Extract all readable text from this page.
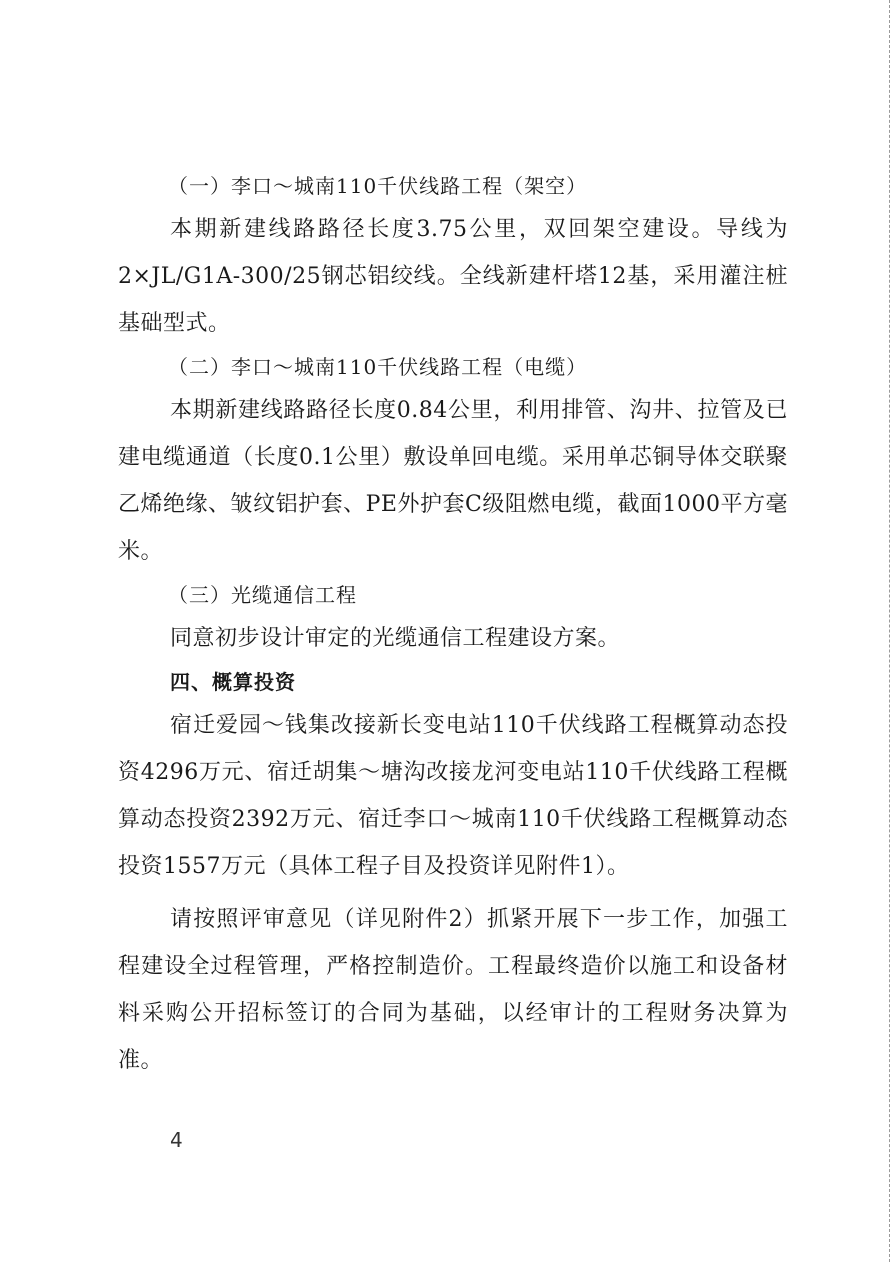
（一）李口～城南110千伏线路工程（架空）

本期新建线路路径长度3.75公里，双回架空建设。导线为2×JL/G1A-300/25钢芯铝绞线。全线新建杆塔12基，采用灌注桩基础型式。

（二）李口～城南110千伏线路工程（电缆）

本期新建线路路径长度0.84公里，利用排管、沟井、拉管及已建电缆通道（长度0.1公里）敷设单回电缆。采用单芯铜导体交联聚乙烯绝缘、皱纹铝护套、PE外护套C级阻燃电缆，截面1000平方毫米。

（三）光缆通信工程

同意初步设计审定的光缆通信工程建设方案。

四、概算投资

宿迁爱园～钱集改接新长变电站110千伏线路工程概算动态投资4296万元、宿迁胡集～塘沟改接龙河变电站110千伏线路工程概算动态投资2392万元、宿迁李口～城南110千伏线路工程概算动态投资1557万元（具体工程子目及投资详见附件1）。

请按照评审意见（详见附件2）抓紧开展下一步工作，加强工程建设全过程管理，严格控制造价。工程最终造价以施工和设备材料采购公开招标签订的合同为基础，以经审计的工程财务决算为准。

4
